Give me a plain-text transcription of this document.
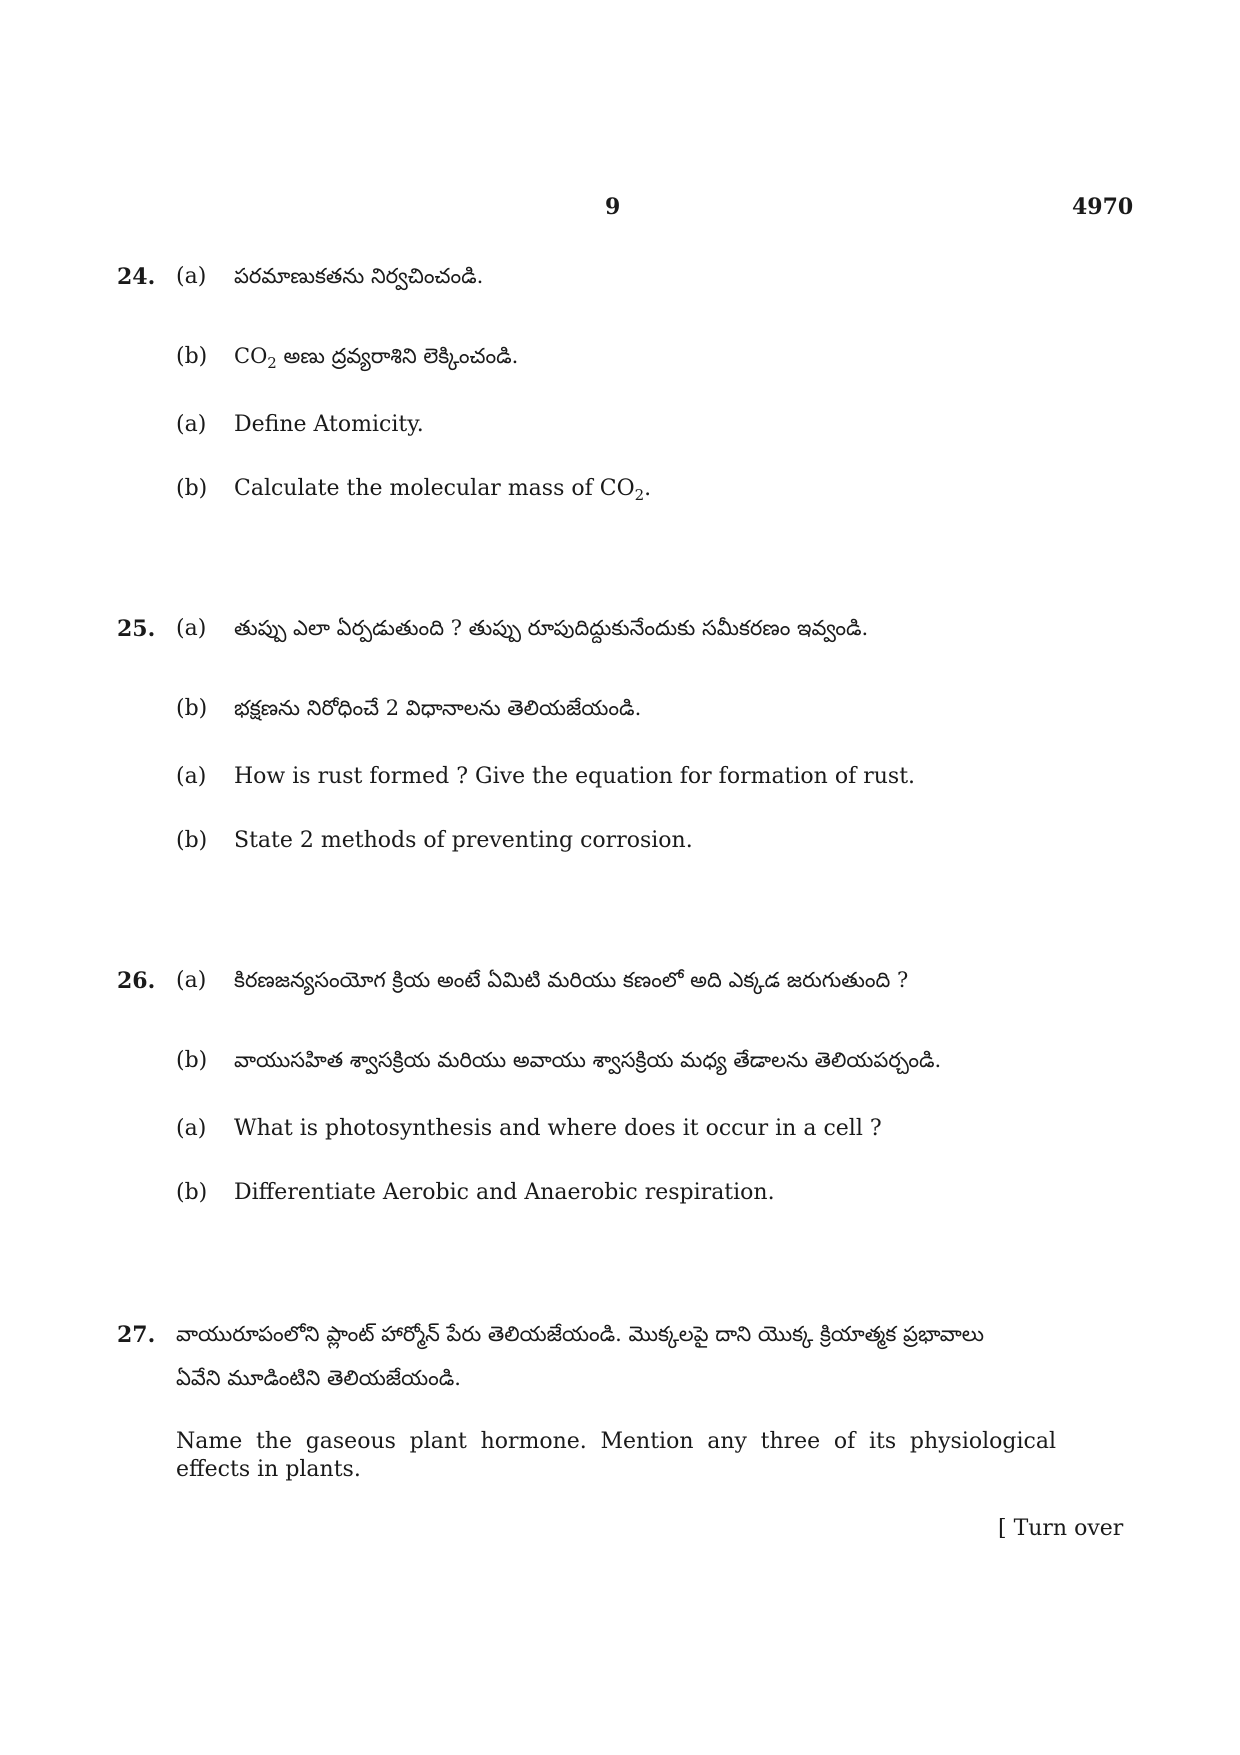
9	4970
24. (a) పరమాణుకతను నిర్వచించండి.
(b) $CO_2$ అణు ద్రవ్యరాశిని లెక్కించండి.
(a) Define Atomicity.
(b) Calculate the molecular mass of $CO_2$.
25. (a) తుప్పు ఎలా ఏర్పడుతుంది ? తుప్పు రూపుదిద్దుకునేందుకు సమీకరణం ఇవ్వండి.
(b) భక్షణను నిరోధించే 2 విధానాలను తెలియజేయండి.
(a) How is rust formed ? Give the equation for formation of rust.
(b) State 2 methods of preventing corrosion.
26. (a) కిరణజన్యసంయోగ క్రియ అంటే ఏమిటి మరియు కణంలో అది ఎక్కడ జరుగుతుంది ?
(b) వాయుసహిత శ్వాసక్రియ మరియు అవాయు శ్వాసక్రియ మధ్య తేడాలను తెలియపర్చండి.
(a) What is photosynthesis and where does it occur in a cell ?
(b) Differentiate Aerobic and Anaerobic respiration.
27. వాయురూపంలోని ప్లాంట్ హార్మోన్ పేరు తెలియజేయండి. మొక్కలపై దాని యొక్క క్రియాత్మక ప్రభావాలు
ఏవేని మూడింటిని తెలియజేయండి.
Name the gaseous plant hormone. Mention any three of its physiological effects in plants.
[ Turn over
